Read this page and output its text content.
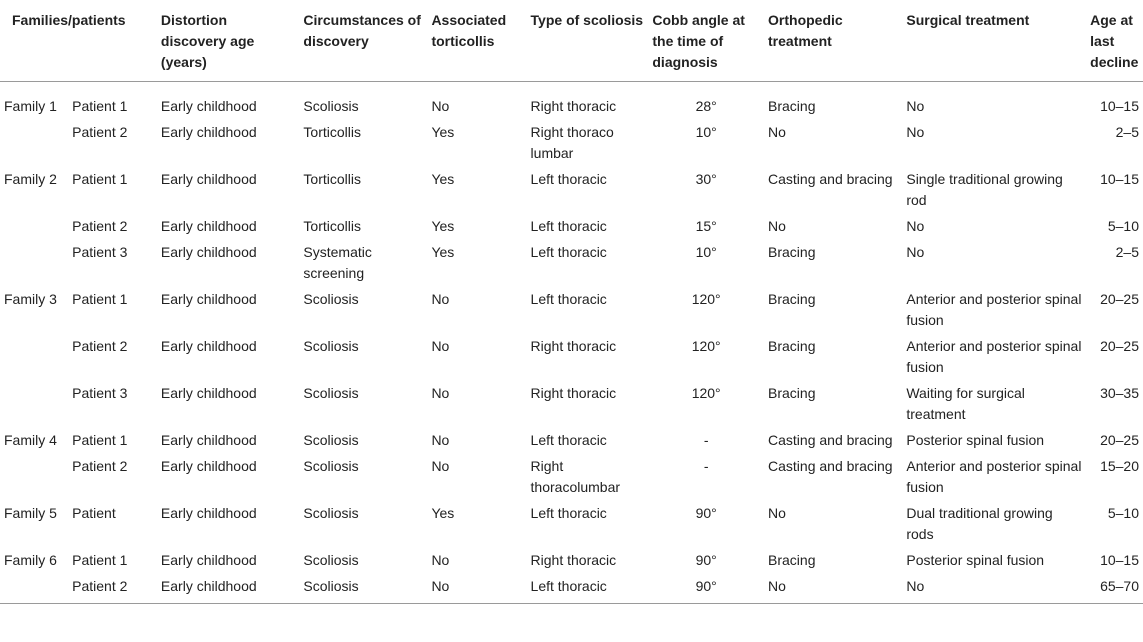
Families/patients		Distortion discovery age (years)	Circumstances of discovery	Associated torticollis	Type of scoliosis	Cobb angle at the time of diagnosis	Orthopedic treatment	Surgical treatment	Age at last decline
Family 1	Patient 1	Early childhood	Scoliosis	No	Right thoracic	28°	Bracing	No	10–15
	Patient 2	Early childhood	Torticollis	Yes	Right thoraco lumbar	10°	No	No	2–5
Family 2	Patient 1	Early childhood	Torticollis	Yes	Left thoracic	30°	Casting and bracing	Single traditional growing rod	10–15
	Patient 2	Early childhood	Torticollis	Yes	Left thoracic	15°	No	No	5–10
	Patient 3	Early childhood	Systematic screening	Yes	Left thoracic	10°	Bracing	No	2–5
Family 3	Patient 1	Early childhood	Scoliosis	No	Left thoracic	120°	Bracing	Anterior and posterior spinal fusion	20–25
	Patient 2	Early childhood	Scoliosis	No	Right thoracic	120°	Bracing	Anterior and posterior spinal fusion	20–25
	Patient 3	Early childhood	Scoliosis	No	Right thoracic	120°	Bracing	Waiting for surgical treatment	30–35
Family 4	Patient 1	Early childhood	Scoliosis	No	Left thoracic	-	Casting and bracing	Posterior spinal fusion	20–25
	Patient 2	Early childhood	Scoliosis	No	Right thoracolumbar	-	Casting and bracing	Anterior and posterior spinal fusion	15–20
Family 5	Patient	Early childhood	Scoliosis	Yes	Left thoracic	90°	No	Dual traditional growing rods	5–10
Family 6	Patient 1	Early childhood	Scoliosis	No	Right thoracic	90°	Bracing	Posterior spinal fusion	10–15
	Patient 2	Early childhood	Scoliosis	No	Left thoracic	90°	No	No	65–70
